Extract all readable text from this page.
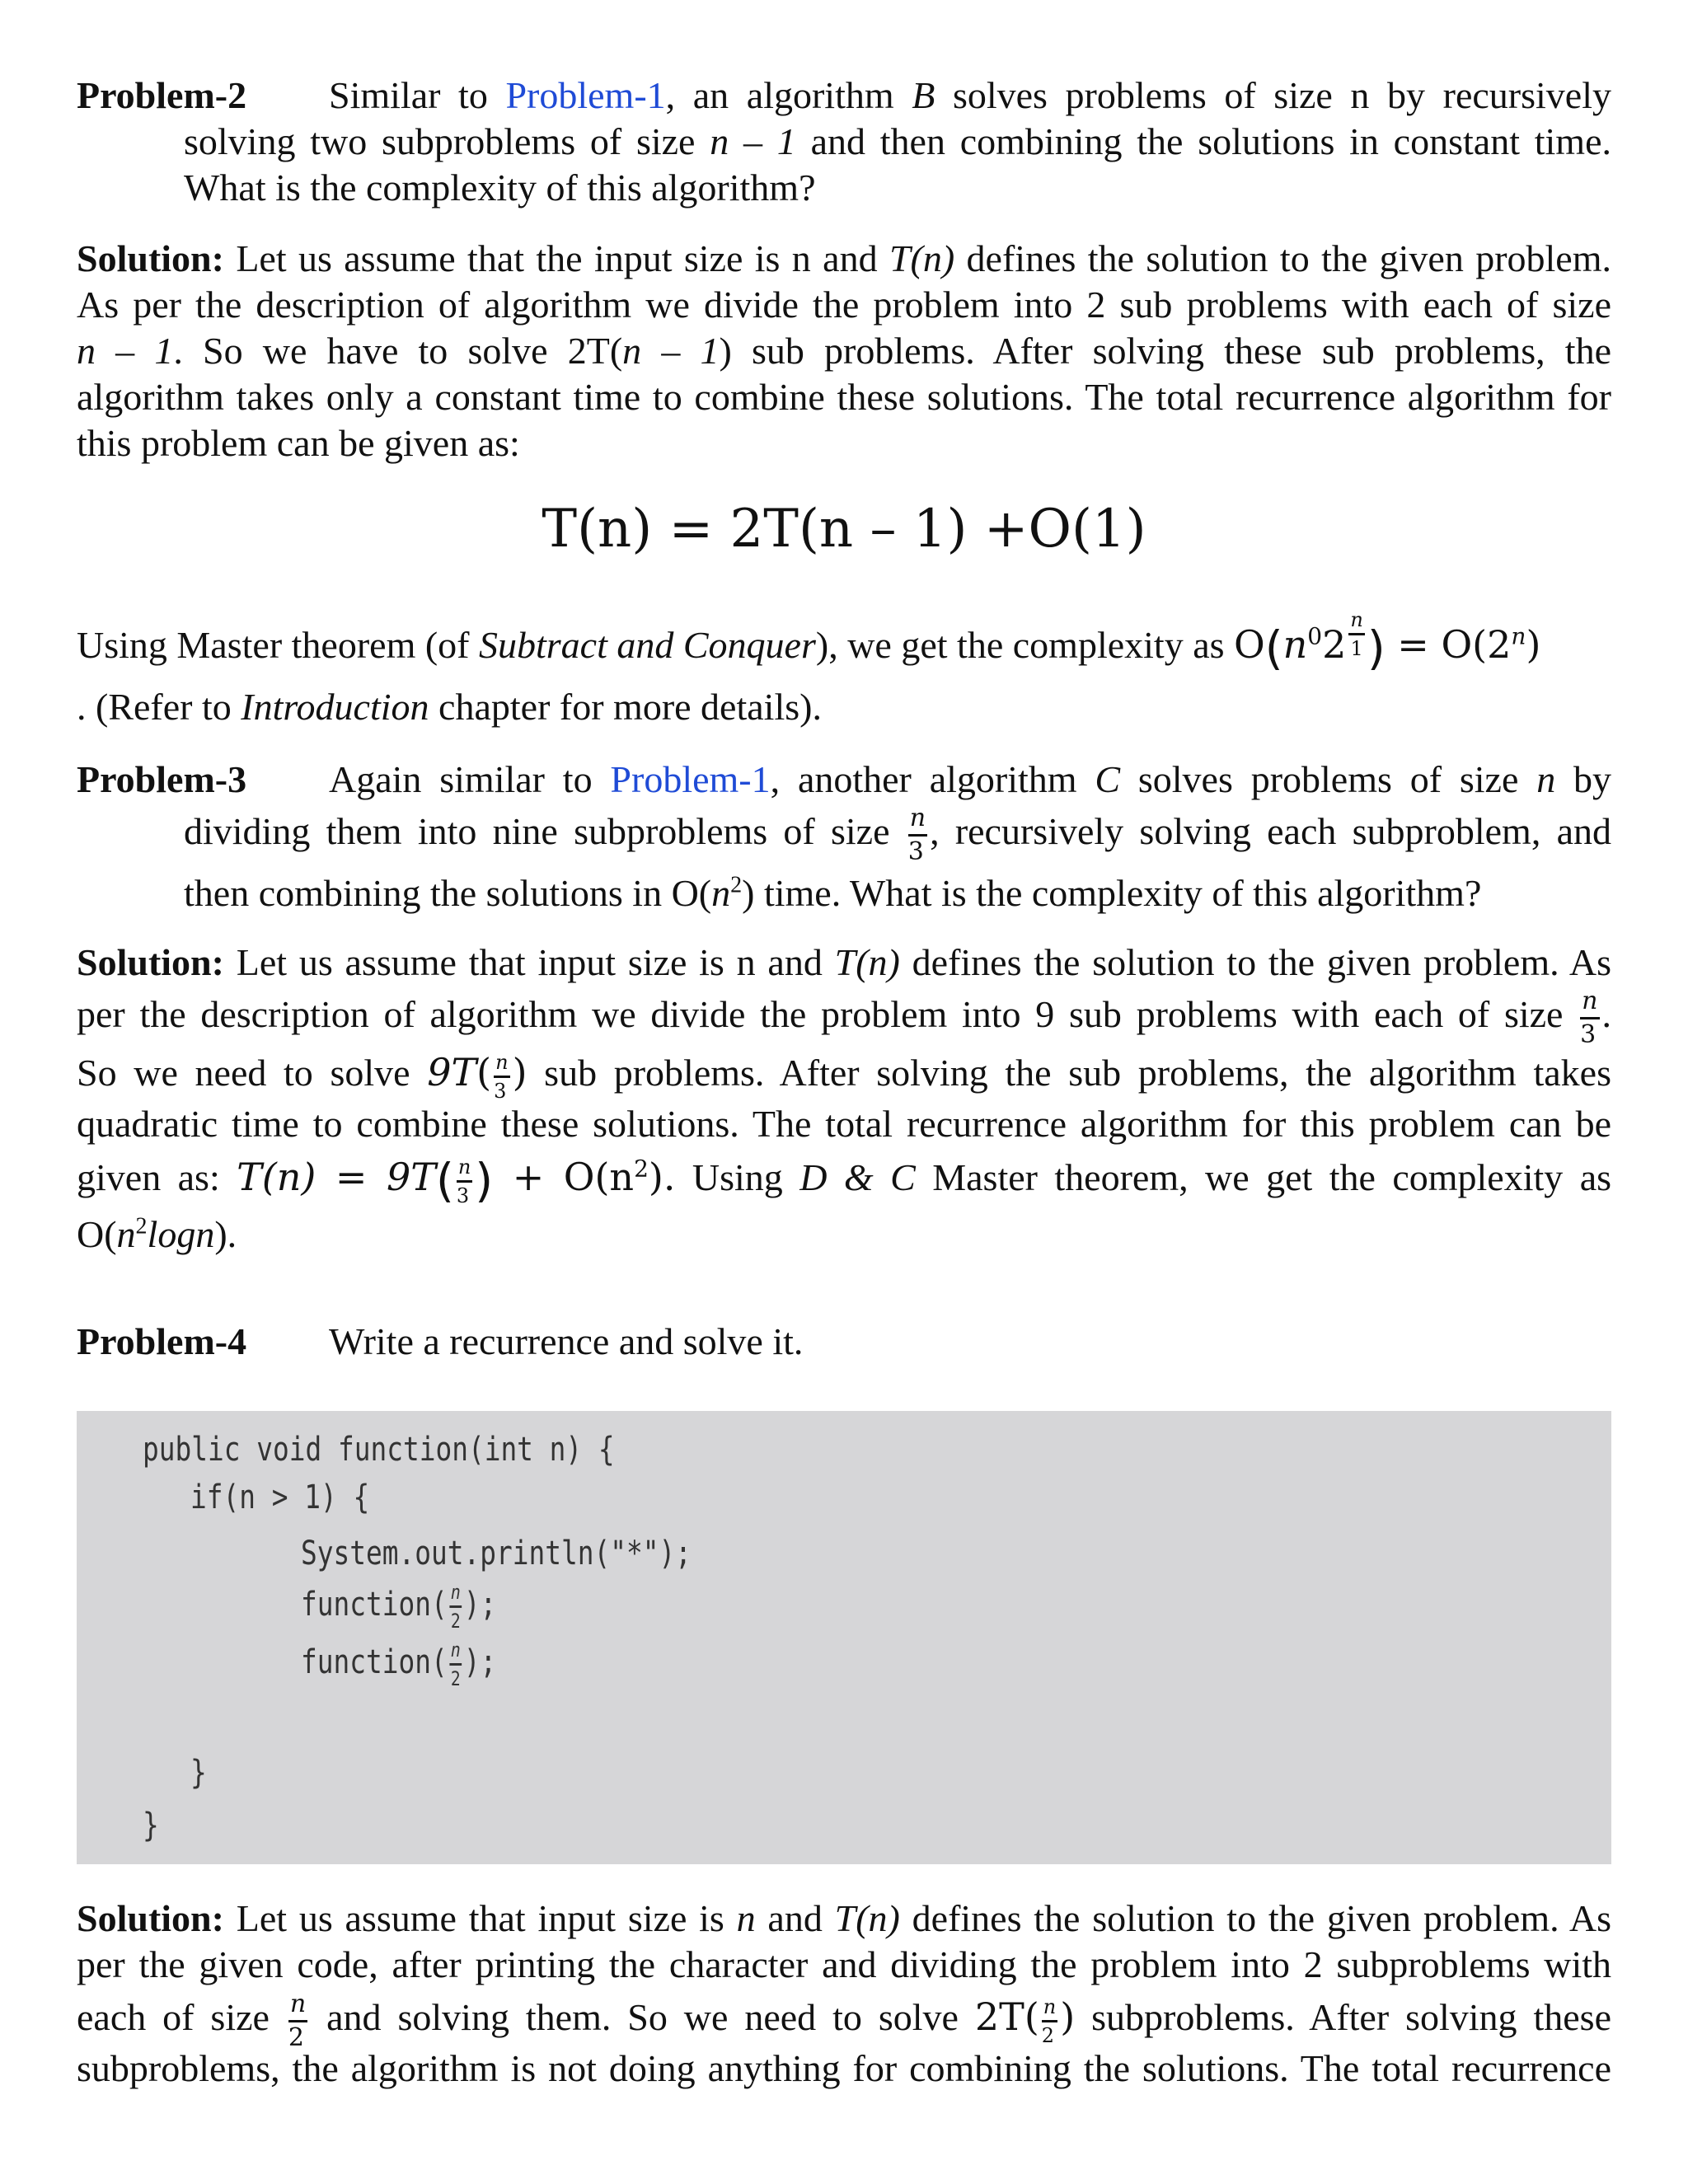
Problem-2	Similar to Problem-1, an algorithm B solves problems of size n by recursively
solving two subproblems of size n – 1 and then combining the solutions in constant time.
What is the complexity of this algorithm?
Solution: Let us assume that the input size is n and T(n) defines the solution to the given problem.
As per the description of algorithm we divide the problem into 2 sub problems with each of size
n – 1. So we have to solve 2T(n – 1) sub problems. After solving these sub problems, the
algorithm takes only a constant time to combine these solutions. The total recurrence algorithm for
this problem can be given as:
T(n) = 2T(n – 1) +O(1)
Using Master theorem (of Subtract and Conquer), we get the complexity as $O(n^02 \frac{n}{1}$ ) = $O(2^n)$
. (Refer to Introduction chapter for more details).
Problem-3	Again similar to Problem-1, another algorithm C solves problems of size n by
dividing them into nine subproblems of size $\frac{n}{3}$ , recursively solving each subproblem, and
then combining the solutions in $O(n^2)$ time. What is the complexity of this algorithm?
Solution: Let us assume that input size is n and T(n) defines the solution to the given problem. As
per the description of algorithm we divide the problem into 9 sub problems with each of size $\frac{n}{3}$ .
So we need to solve $9T( \frac{n}{3}$ ) sub problems. After solving the sub problems, the algorithm takes
quadratic time to combine these solutions. The total recurrence algorithm for this problem can be
given as: $T(n) = 9T( \frac{n}{3}$ ) + $O(n^2)$. Using D & C Master theorem, we get the complexity as
$O(n^2\log n)$.
Problem-4	Write a recurrence and solve it.
Solution: Let us assume that input size is n and T(n) defines the solution to the given problem. As
per the given code, after printing the character and dividing the problem into 2 subproblems with
each of size $\frac{n}{2}$ and solving them. So we need to solve $2T( \frac{n}{2}$ ) subproblems. After solving these
subproblems, the algorithm is not doing anything for combining the solutions. The total recurrence
public void function(int n) {
if(n > 1) {
System.out.println("*");
function( $\frac{n}{2}$ );
function( $\frac{n}{2}$ );
}
}
